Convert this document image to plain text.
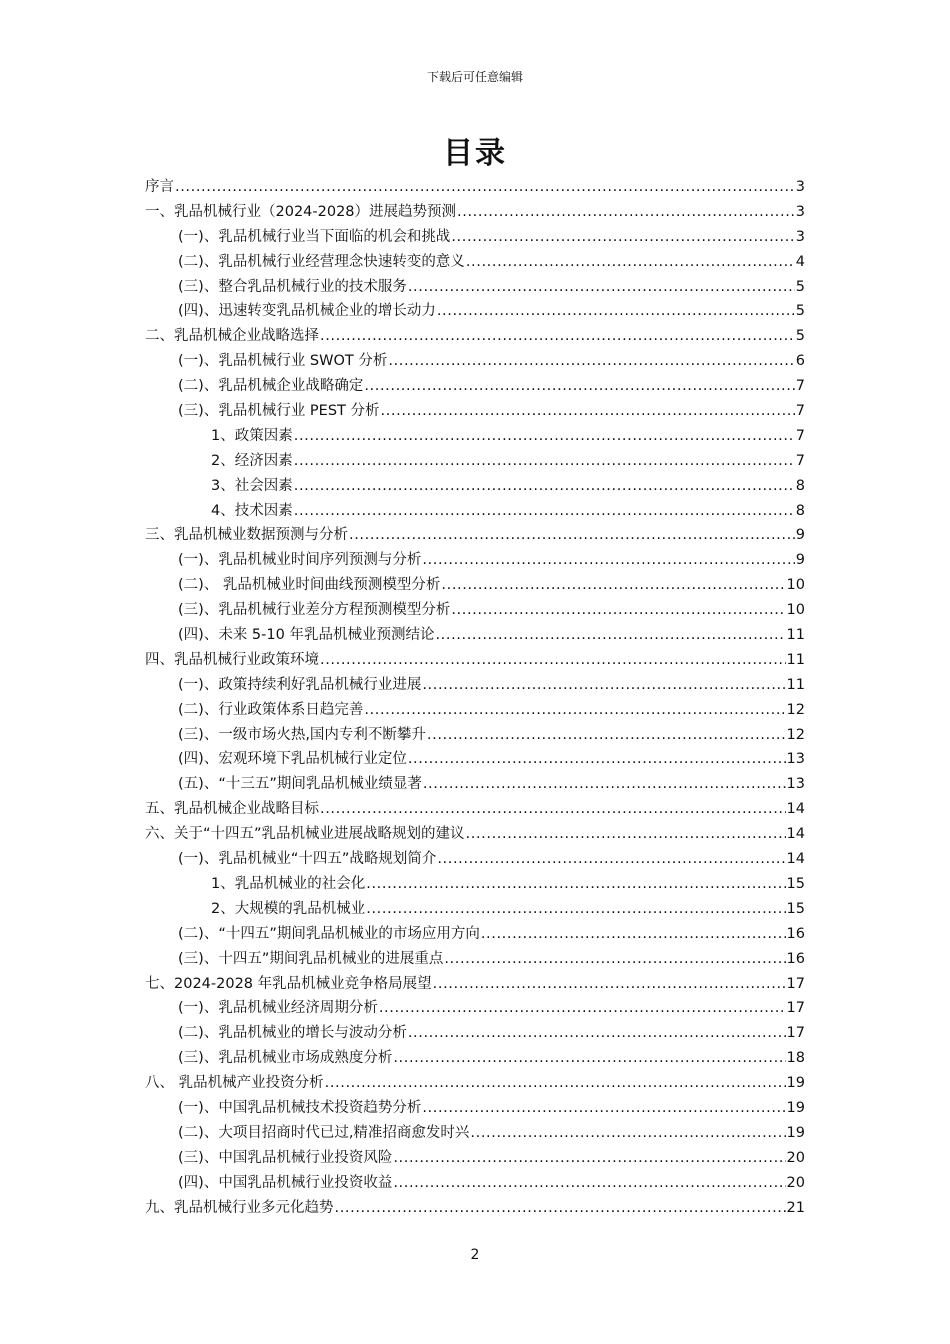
下载后可任意编辑
目录
序言 .....	3
一、乳品机械行业（2024-2028）进展趋势预测 .....	3
(一)、乳品机械行业当下面临的机会和挑战 .....	3
(二)、乳品机械行业经营理念快速转变的意义 .....	4
(三)、整合乳品机械行业的技术服务 .....	5
(四)、迅速转变乳品机械企业的增长动力 .....	5
二、乳品机械企业战略选择 .....	5
(一)、乳品机械行业 SWOT 分析 .....	6
(二)、乳品机械企业战略确定 .....	7
(三)、乳品机械行业 PEST 分析 .....	7
1、政策因素 .....	7
2、经济因素 .....	7
3、社会因素 .....	8
4、技术因素 .....	8
三、乳品机械业数据预测与分析 .....	9
(一)、乳品机械业时间序列预测与分析 .....	9
(二)、 乳品机械业时间曲线预测模型分析 .....	10
(三)、乳品机械行业差分方程预测模型分析 .....	10
(四)、未来 5-10 年乳品机械业预测结论 .....	11
四、乳品机械行业政策环境 .....	11
(一)、政策持续利好乳品机械行业进展 .....	11
(二)、行业政策体系日趋完善 .....	12
(三)、一级市场火热,国内专利不断攀升 .....	12
(四)、宏观环境下乳品机械行业定位 .....	13
(五)、“十三五”期间乳品机械业绩显著 .....	13
五、乳品机械企业战略目标 .....	14
六、关于“十四五”乳品机械业进展战略规划的建议 .....	14
(一)、乳品机械业“十四五”战略规划简介 .....	14
1、乳品机械业的社会化 .....	15
2、大规模的乳品机械业 .....	15
(二)、“十四五”期间乳品机械业的市场应用方向 .....	16
(三)、十四五”期间乳品机械业的进展重点 .....	16
七、2024-2028 年乳品机械业竞争格局展望 .....	17
(一)、乳品机械业经济周期分析 .....	17
(二)、乳品机械业的增长与波动分析 .....	17
(三)、乳品机械业市场成熟度分析 .....	18
八、 乳品机械产业投资分析 .....	19
(一)、中国乳品机械技术投资趋势分析 .....	19
(二)、大项目招商时代已过,精准招商愈发时兴 .....	19
(三)、中国乳品机械行业投资风险 .....	20
(四)、中国乳品机械行业投资收益 .....	20
九、乳品机械行业多元化趋势 .....	21
2
